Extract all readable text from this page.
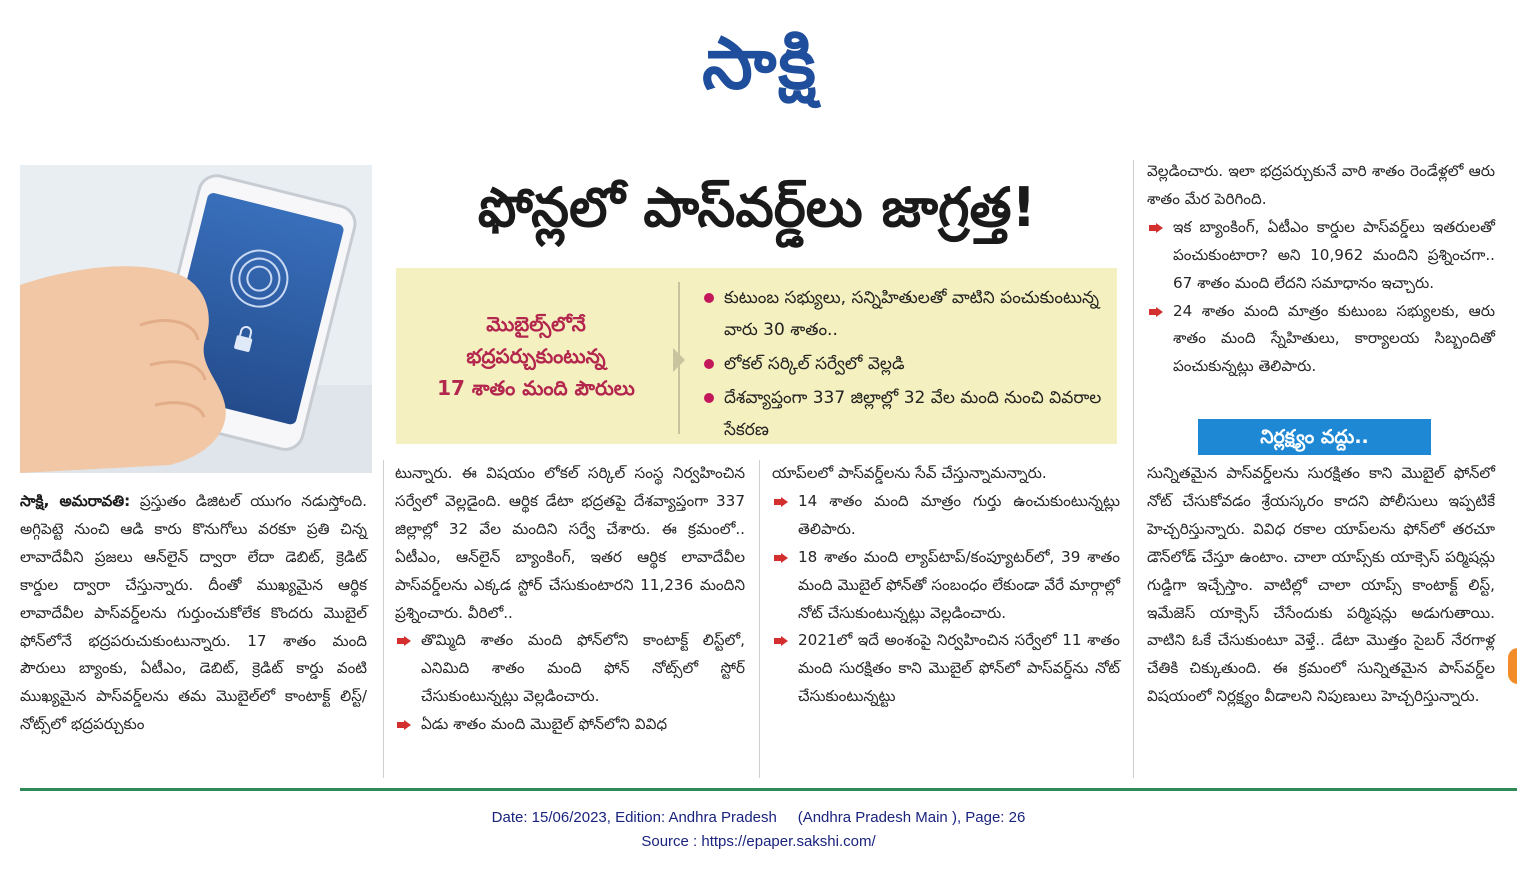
సాక్షి
ఫోన్లలో పాస్‌వర్డ్‌లు జాగ్రత్త!
మొబైల్స్‌లోనే
భద్రపర్చుకుంటున్న
17 శాతం మంది పౌరులు
కుటుంబ సభ్యులు, సన్నిహితులతో వాటిని పంచుకుంటున్న వారు 30 శాతం..
లోకల్ సర్కిల్ సర్వేలో వెల్లడి
దేశవ్యాప్తంగా 337 జిల్లాల్లో 32 వేల మంది నుంచి వివరాల సేకరణ

సాక్షి, అమరావతి: ప్రస్తుతం డిజిటల్ యుగం నడుస్తోంది. అగ్గిపెట్టె నుంచి ఆడి కారు కొనుగోలు వరకూ ప్రతి చిన్న లావాదేవీని ప్రజలు ఆన్‌లైన్ ద్వారా లేదా డెబిట్, క్రెడిట్ కార్డుల ద్వారా చేస్తున్నారు. దీంతో ముఖ్యమైన ఆర్థిక లావాదేవీల పాస్‌వర్డ్‌లను గుర్తుంచుకోలేక కొందరు మొబైల్ ఫోన్‌లోనే భద్రపరుచుకుంటున్నారు. 17 శాతం మంది పౌరులు బ్యాంకు, ఏటీఎం, డెబిట్, క్రెడిట్ కార్డు వంటి ముఖ్యమైన పాస్‌వర్డ్‌లను తమ మొబైల్‌లో కాంటాక్ట్ లిస్ట్/నోట్స్‌లో భద్రపర్చుకుం

టున్నారు. ఈ విషయం లోకల్ సర్కిల్ సంస్థ నిర్వహించిన సర్వేలో వెల్లడైంది. ఆర్థిక డేటా భద్రతపై దేశవ్యాప్తంగా 337 జిల్లాల్లో 32 వేల మందిని సర్వే చేశారు. ఈ క్రమంలో.. ఏటీఎం, ఆన్‌లైన్ బ్యాంకింగ్, ఇతర ఆర్థిక లావాదేవీల పాస్‌వర్డ్‌లను ఎక్కడ స్టోర్ చేసుకుంటారని 11,236 మందిని ప్రశ్నించారు. వీరిలో..

తొమ్మిది శాతం మంది ఫోన్‌లోని కాంటాక్ట్ లిస్ట్‌లో, ఎనిమిది శాతం మంది ఫోన్ నోట్స్‌లో స్టోర్ చేసుకుంటున్నట్లు వెల్లడించారు.

ఏడు శాతం మంది మొబైల్ ఫోన్‌లోని వివిధ

యాప్‌లలో పాస్‌వర్డ్‌లను సేవ్ చేస్తున్నామన్నారు.

14 శాతం మంది మాత్రం గుర్తు ఉంచుకుంటున్నట్లు తెలిపారు.

18 శాతం మంది ల్యాప్‌టాప్/కంప్యూటర్‌లో, 39 శాతం మంది మొబైల్ ఫోన్‌తో సంబంధం లేకుండా వేరే మార్గాల్లో నోట్ చేసుకుంటున్నట్లు వెల్లడించారు.

2021లో ఇదే అంశంపై నిర్వహించిన సర్వేలో 11 శాతం మంది సురక్షితం కాని మొబైల్ ఫోన్‌లో పాస్‌వర్డ్‌ను నోట్ చేసుకుంటున్నట్టు

వెల్లడించారు. ఇలా భద్రపర్చుకునే వారి శాతం రెండేళ్లలో ఆరు శాతం మేర పెరిగింది.

ఇక బ్యాంకింగ్, ఏటీఎం కార్డుల పాస్‌వర్డ్‌లు ఇతరులతో పంచుకుంటారా? అని 10,962 మందిని ప్రశ్నించగా.. 67 శాతం మంది లేదని సమాధానం ఇచ్చారు.

24 శాతం మంది మాత్రం కుటుంబ సభ్యులకు, ఆరు శాతం మంది స్నేహితులు, కార్యాలయ సిబ్బందితో పంచుకున్నట్లు తెలిపారు.

నిర్లక్ష్యం వద్దు..

సున్నితమైన పాస్‌వర్డ్‌లను సురక్షితం కాని మొబైల్ ఫోన్‌లో నోట్ చేసుకోవడం శ్రేయస్కరం కాదని పోలీసులు ఇప్పటికే హెచ్చరిస్తున్నారు. వివిధ రకాల యాప్‌లను ఫోన్‌లో తరచూ డౌన్‌లోడ్ చేస్తూ ఉంటాం. చాలా యాప్స్‌కు యాక్సెస్ పర్మిషన్లు గుడ్డిగా ఇచ్చేస్తాం. వాటిల్లో చాలా యాప్స్ కాంటాక్ట్ లిస్ట్, ఇమేజెస్ యాక్సెస్ చేసేందుకు పర్మిషన్లు అడుగుతాయి. వాటిని ఓకే చేసుకుంటూ వెళ్తే.. డేటా మొత్తం సైబర్ నేరగాళ్ల చేతికి చిక్కుతుంది. ఈ క్రమంలో సున్నితమైన పాస్‌వర్డ్‌ల విషయంలో నిర్లక్ష్యం వీడాలని నిపుణులు హెచ్చరిస్తున్నారు.

Date: 15/06/2023, Edition: Andhra Pradesh     (Andhra Pradesh Main ), Page: 26
Source : https://epaper.sakshi.com/
